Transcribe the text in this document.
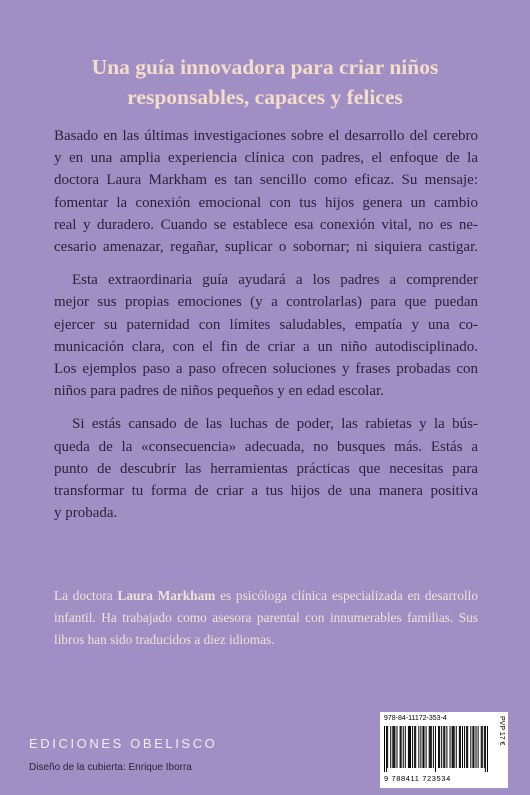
Una guía innovadora para criar niños
responsables, capaces y felices
Basado en las últimas investigaciones sobre el desarrollo del cerebro
y en una amplia experiencia clínica con padres, el enfoque de la
doctora Laura Markham es tan sencillo como eficaz. Su mensaje:
fomentar la conexión emocional con tus hijos genera un cambio
real y duradero. Cuando se establece esa conexión vital, no es ne-
cesario amenazar, regañar, suplicar o sobornar; ni siquiera castigar.
Esta extraordinaria guía ayudará a los padres a comprender
mejor sus propias emociones (y a controlarlas) para que puedan
ejercer su paternidad con límites saludables, empatía y una co-
municación clara, con el fin de criar a un niño autodisciplinado.
Los ejemplos paso a paso ofrecen soluciones y frases probadas con
niños para padres de niños pequeños y en edad escolar.
Si estás cansado de las luchas de poder, las rabietas y la bús-
queda de la «consecuencia» adecuada, no busques más. Estás a
punto de descubrir las herramientas prácticas que necesitas para
transformar tu forma de criar a tus hijos de una manera positiva
y probada.
La doctora Laura Markham es psicóloga clínica especializada en desarrollo
infantil. Ha trabajado como asesora parental con innumerables familias. Sus
libros han sido traducidos a diez idiomas.
EDICIONES OBELISCO
Diseño de la cubierta: Enrique Iborra
978-84-11172-353-4
9 788411 723534
PVP 17 €
